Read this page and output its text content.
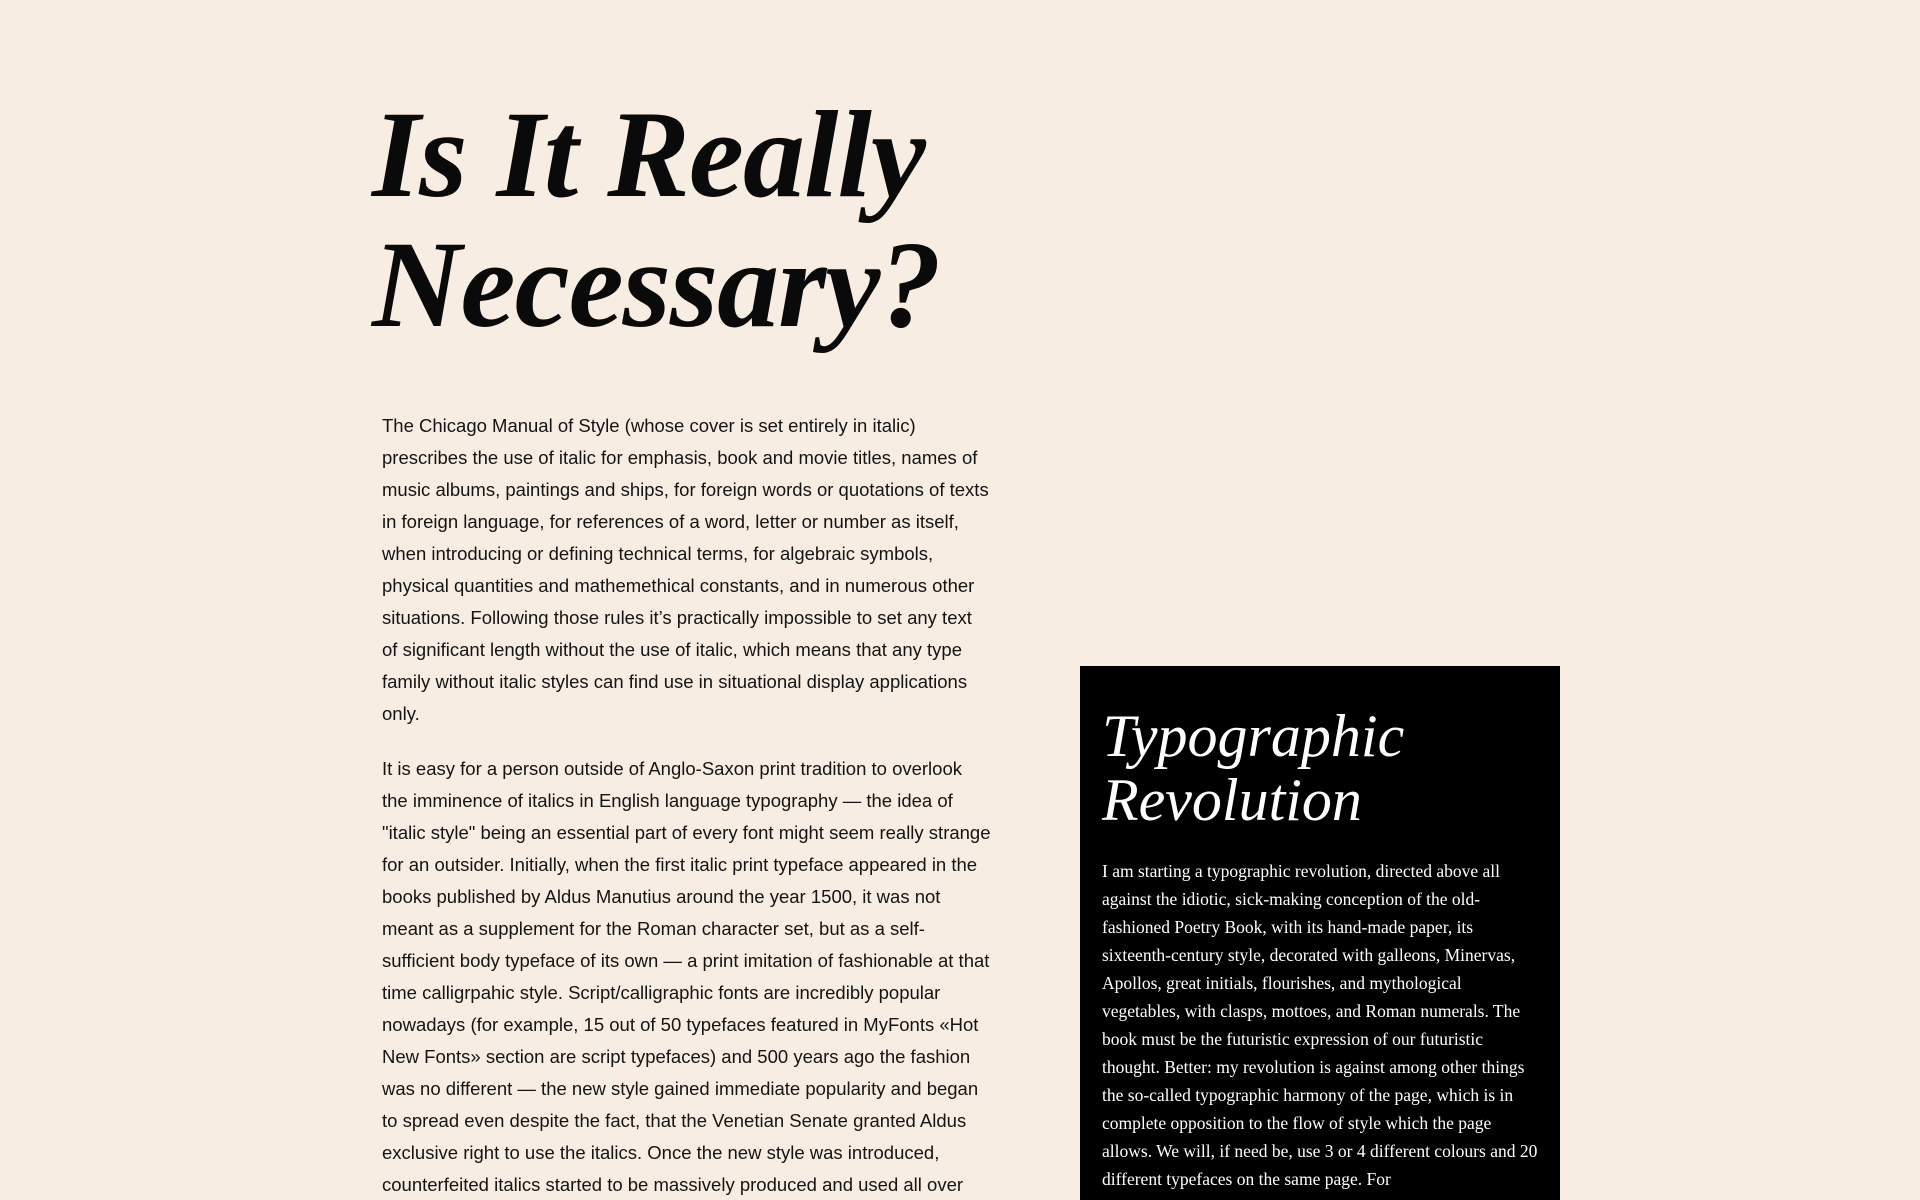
Is It Really
Necessary?

The Chicago Manual of Style (whose cover is set entirely in italic) prescribes the use of italic for emphasis, book and movie titles, names of music albums, paintings and ships, for foreign words or quotations of texts in foreign language, for references of a word, letter or number as itself, when introducing or defining technical terms, for algebraic symbols, physical quantities and mathemethical constants, and in numerous other situations. Following those rules it’s practically impossible to set any text of significant length without the use of italic, which means that any type family without italic styles can find use in situational display applications only.

It is easy for a person outside of Anglo-Saxon print tradition to overlook the imminence of italics in English language typography — the idea of "italic style" being an essential part of every font might seem really strange for an outsider. Initially, when the first italic print typeface appeared in the books published by Aldus Manutius around the year 1500, it was not meant as a supplement for the Roman character set, but as a self-sufficient body typeface of its own — a print imitation of fashionable at that time calligrpahic style. Script/calligraphic fonts are incredibly popular nowadays (for example, 15 out of 50 typefaces featured in MyFonts «Hot New Fonts» section are script typefaces) and 500 years ago the fashion was no different — the new style gained immediate popularity and began to spread even despite the fact, that the Venetian Senate granted Aldus exclusive right to use the italics. Once the new style was introduced, counterfeited italics started to be massively produced and used all over

Typographic
Revolution

I am starting a typographic revolution, directed above all against the idiotic, sick-making conception of the old-fashioned Poetry Book, with its hand-made paper, its sixteenth-century style, decorated with galleons, Minervas, Apollos, great initials, flourishes, and mythological vegetables, with clasps, mottoes, and Roman numerals. The book must be the futuristic expression of our futuristic thought. Better: my revolution is against among other things the so-called typographic harmony of the page, which is in complete opposition to the flow of style which the page allows. We will, if need be, use 3 or 4 different colours and 20 different typefaces on the same page. For
